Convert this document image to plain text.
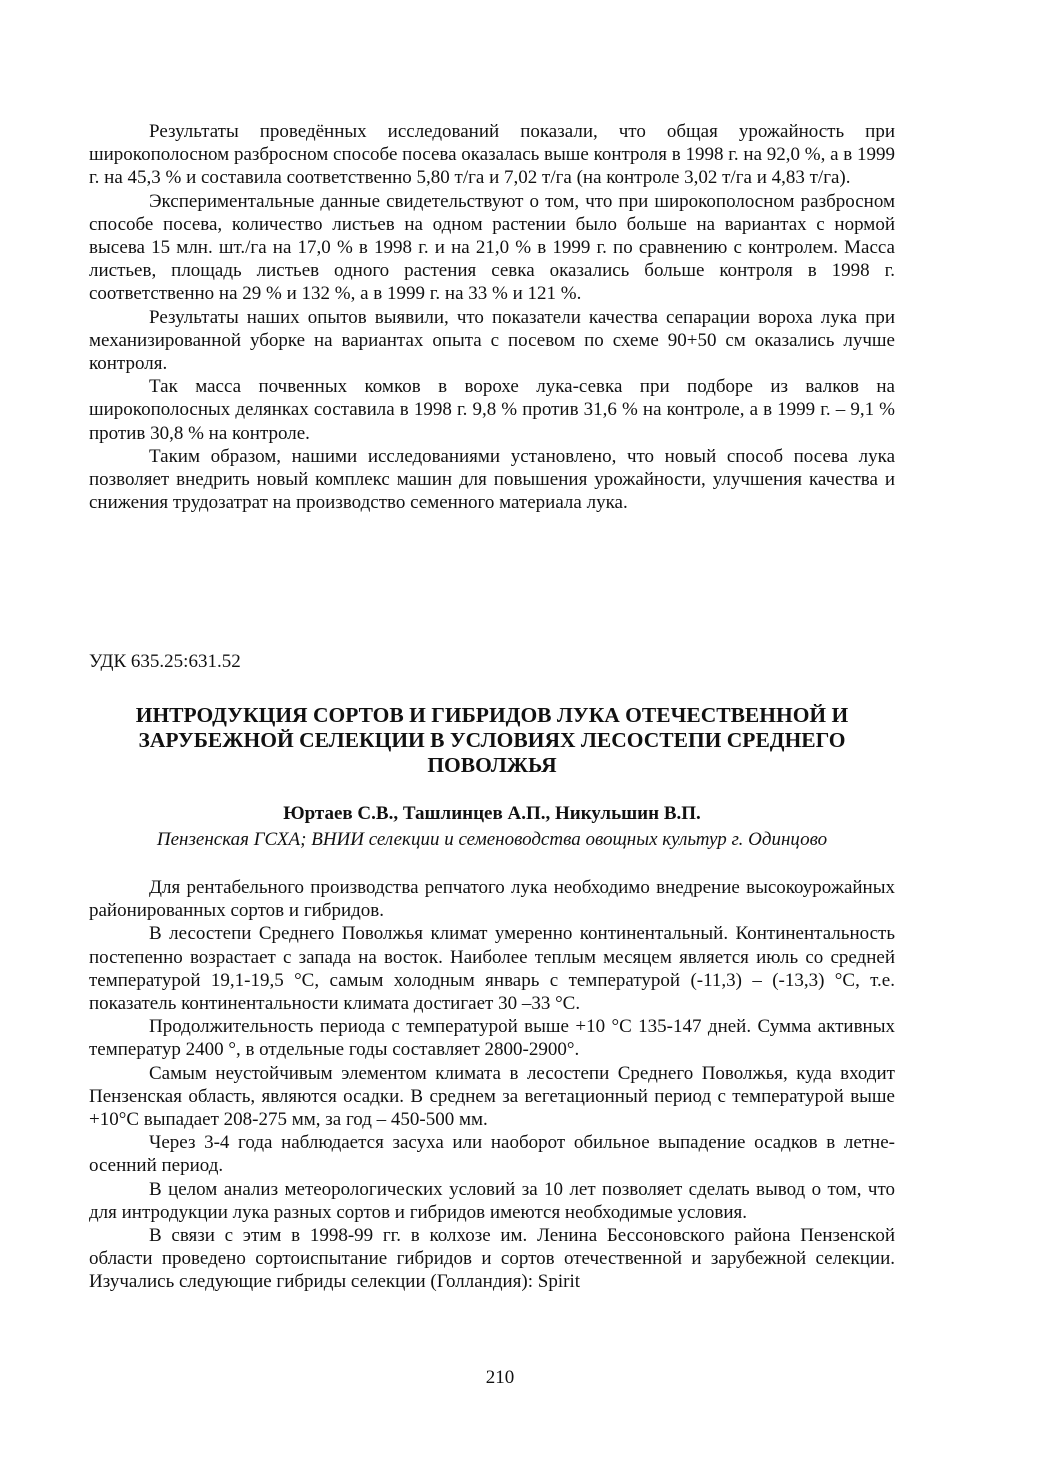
Результаты проведённых исследований показали, что общая урожайность при широкополосном разбросном способе посева оказалась выше контроля в 1998 г. на 92,0 %, а в 1999 г. на 45,3 % и составила соответственно 5,80 т/га и 7,02 т/га (на контроле 3,02 т/га и 4,83 т/га).

Экспериментальные данные свидетельствуют о том, что при широкополосном разбросном способе посева, количество листьев на одном растении было больше на вариантах с нормой высева 15 млн. шт./га на 17,0 % в 1998 г. и на 21,0 % в 1999 г. по сравнению с контролем. Масса листьев, площадь листьев одного растения севка оказались больше контроля в 1998 г. соответственно на 29 % и 132 %, а в 1999 г. на 33 % и 121 %.

Результаты наших опытов выявили, что показатели качества сепарации вороха лука при механизированной уборке на вариантах опыта с посевом по схеме 90+50 см оказались лучше контроля.

Так масса почвенных комков в ворохе лука-севка при подборе из валков на широкополосных делянках составила в 1998 г. 9,8 % против 31,6 % на контроле, а в 1999 г. – 9,1 % против 30,8 % на контроле.

Таким образом, нашими исследованиями установлено, что новый способ посева лука позволяет внедрить новый комплекс машин для повышения урожайности, улучшения качества и снижения трудозатрат на производство семенного материала лука.

УДК 635.25:631.52
ИНТРОДУКЦИЯ СОРТОВ И ГИБРИДОВ ЛУКА ОТЕЧЕСТВЕННОЙ И ЗАРУБЕЖНОЙ СЕЛЕКЦИИ В УСЛОВИЯХ ЛЕСОСТЕПИ СРЕДНЕГО ПОВОЛЖЬЯ
Юртаев С.В., Ташлинцев А.П., Никульшин В.П.
Пензенская ГСХА; ВНИИ селекции и семеноводства овощных культур г. Одинцово

Для рентабельного производства репчатого лука необходимо внедрение высокоурожайных районированных сортов и гибридов.

В лесостепи Среднего Поволжья климат умеренно континентальный. Континентальность постепенно возрастает с запада на восток. Наиболее теплым месяцем является июль со средней температурой 19,1-19,5 °С, самым холодным январь с температурой (-11,3) – (-13,3) °С, т.е. показатель континентальности климата достигает 30 –33 °С.

Продолжительность периода с температурой выше +10 °С 135-147 дней. Сумма активных температур 2400 °, в отдельные годы составляет 2800-2900°.

Самым неустойчивым элементом климата в лесостепи Среднего Поволжья, куда входит Пензенская область, являются осадки. В среднем за вегетационный период с температурой выше +10°С выпадает 208-275 мм, за год – 450-500 мм.

Через 3-4 года наблюдается засуха или наоборот обильное выпадение осадков в летне-осенний период.

В целом анализ метеорологических условий за 10 лет позволяет сделать вывод о том, что для интродукции лука разных сортов и гибридов имеются необходимые условия.

В связи с этим в 1998-99 гг. в колхозе им. Ленина Бессоновского района Пензенской области проведено сортоиспытание гибридов и сортов отечественной и зарубежной селекции. Изучались следующие гибриды селекции (Голландия): Spirit

210
